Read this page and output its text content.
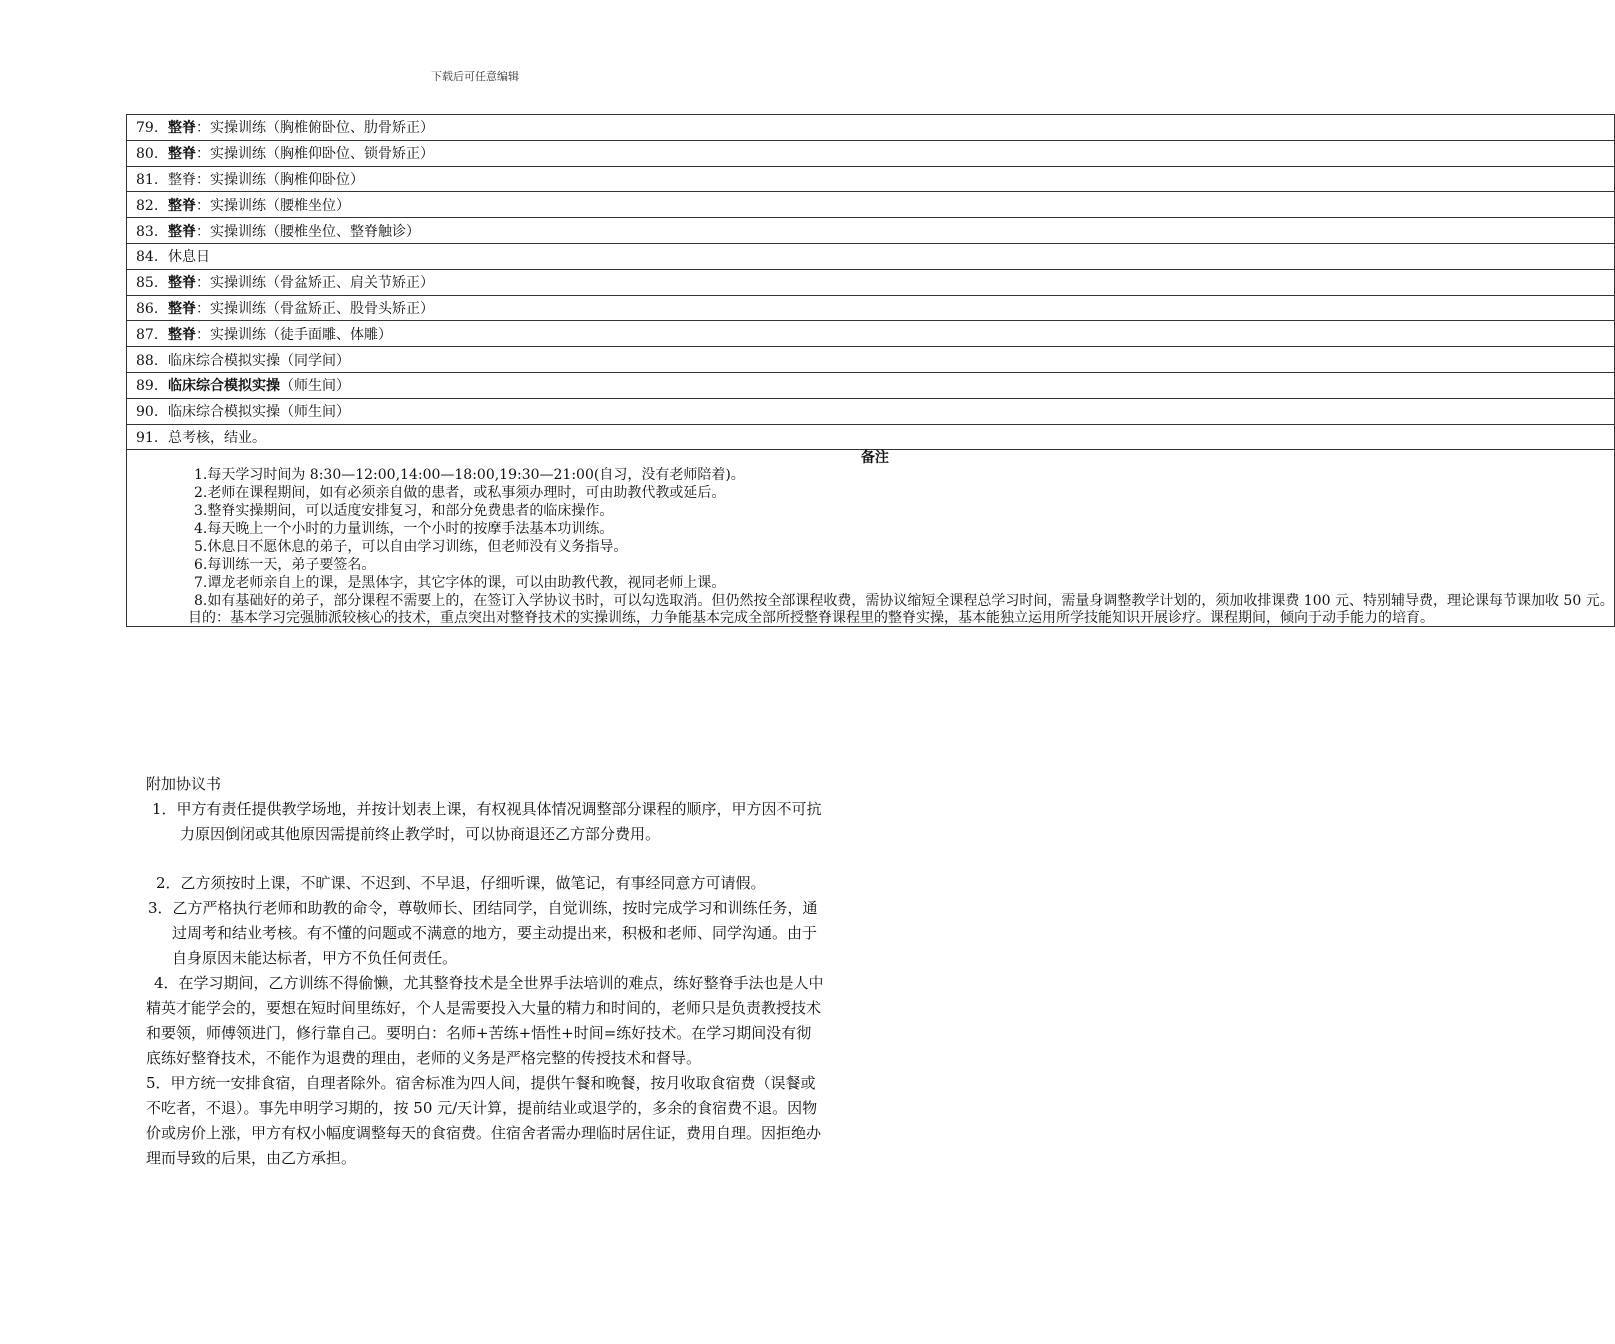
下载后可任意编辑
79. 整脊：实操训练（胸椎俯卧位、肋骨矫正）
80. 整脊：实操训练（胸椎仰卧位、锁骨矫正）
81. 整脊：实操训练（胸椎仰卧位）
82. 整脊：实操训练（腰椎坐位）
83. 整脊：实操训练（腰椎坐位、整脊触诊）
84. 休息日
85. 整脊：实操训练（骨盆矫正、肩关节矫正）
86. 整脊：实操训练（骨盆矫正、股骨头矫正）
87. 整脊：实操训练（徒手面雕、体雕）
88. 临床综合模拟实操（同学间）
89. 临床综合模拟实操（师生间）
90. 临床综合模拟实操（师生间）
91. 总考核，结业。

备注
1.每天学习时间为 8:30—12:00,14:00—18:00,19:30—21:00(自习，没有老师陪着)。
2.老师在课程期间，如有必须亲自做的患者，或私事须办理时，可由助教代教或延后。
3.整脊实操期间，可以适度安排复习，和部分免费患者的临床操作。
4.每天晚上一个小时的力量训练，一个小时的按摩手法基本功训练。
5.休息日不愿休息的弟子，可以自由学习训练，但老师没有义务指导。
6.每训练一天，弟子要签名。
7.谭龙老师亲自上的课，是黑体字，其它字体的课，可以由助教代教，视同老师上课。
8.如有基础好的弟子，部分课程不需要上的，在签订入学协议书时，可以勾选取消。但仍然按全部课程收费，需协议缩短全课程总学习时间，需量身调整教学计划的，须加收排课费 100 元、特别辅导费，理论课每节课加收 50 元。
目的：基本学习完强肺派较核心的技术，重点突出对整脊技术的实操训练，力争能基本完成全部所授整脊课程里的整脊实操，基本能独立运用所学技能知识开展诊疗。课程期间，倾向于动手能力的培育。
附加协议书

1．甲方有责任提供教学场地，并按计划表上课，有权视具体情况调整部分课程的顺序，甲方因不可抗力原因倒闭或其他原因需提前终止教学时，可以协商退还乙方部分费用。

2．乙方须按时上课，不旷课、不迟到、不早退，仔细听课，做笔记，有事经同意方可请假。

3．乙方严格执行老师和助教的命令，尊敬师长、团结同学，自觉训练，按时完成学习和训练任务，通过周考和结业考核。有不懂的问题或不满意的地方，要主动提出来，积极和老师、同学沟通。由于自身原因未能达标者，甲方不负任何责任。

4．在学习期间，乙方训练不得偷懒，尤其整脊技术是全世界手法培训的难点，练好整脊手法也是人中精英才能学会的，要想在短时间里练好，个人是需要投入大量的精力和时间的，老师只是负责教授技术和要领，师傅领进门，修行靠自己。要明白：名师+苦练+悟性+时间=练好技术。在学习期间没有彻底练好整脊技术，不能作为退费的理由，老师的义务是严格完整的传授技术和督导。

5．甲方统一安排食宿，自理者除外。宿舍标准为四人间，提供午餐和晚餐，按月收取食宿费（误餐或不吃者，不退）。事先申明学习期的，按 50 元/天计算，提前结业或退学的，多余的食宿费不退。因物价或房价上涨，甲方有权小幅度调整每天的食宿费。住宿舍者需办理临时居住证，费用自理。因拒绝办理而导致的后果，由乙方承担。
